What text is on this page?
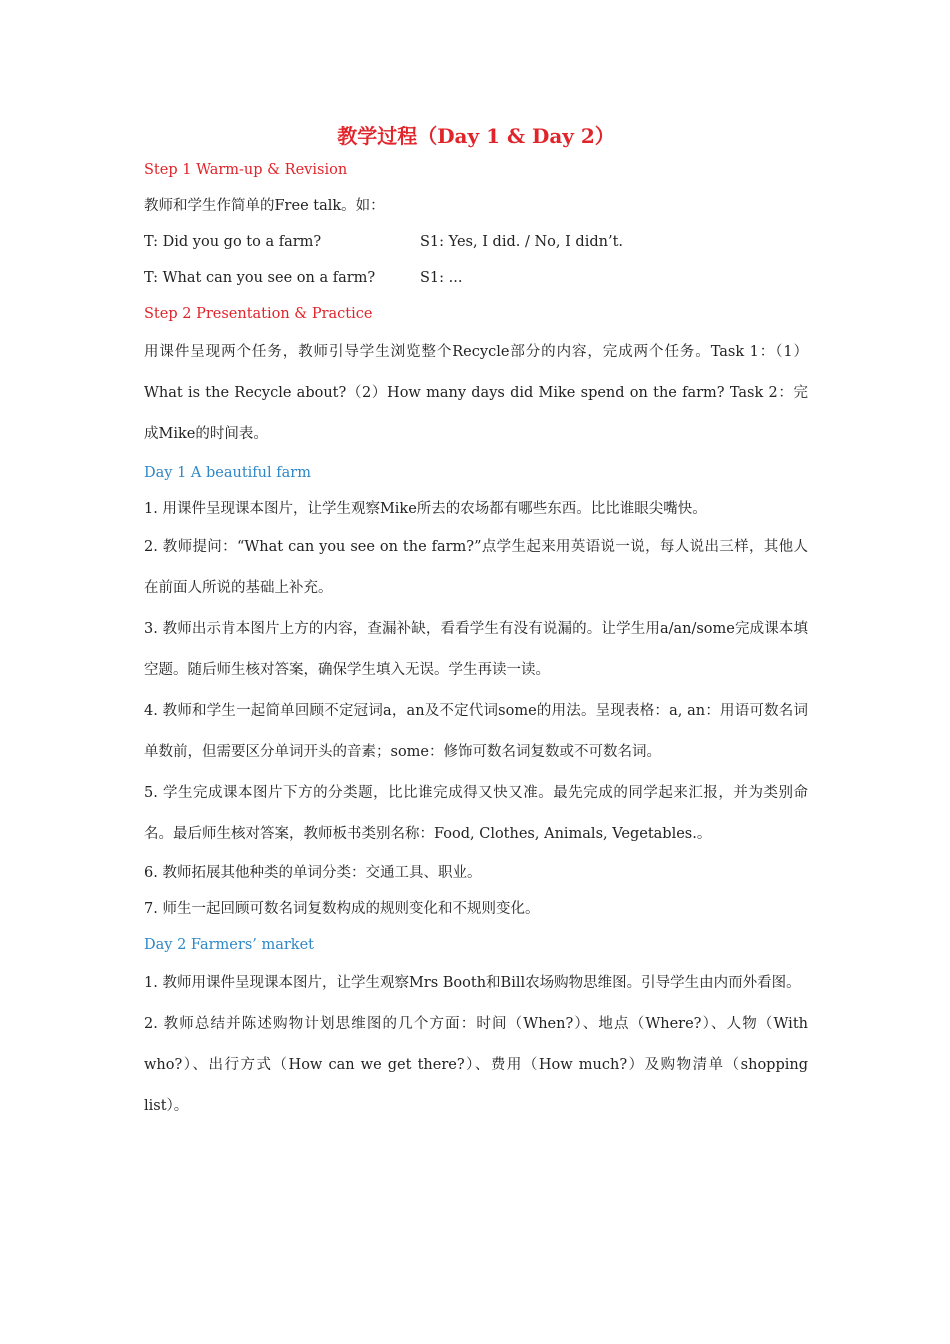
教学过程（Day 1 & Day 2）

Step 1 Warm-up & Revision

教师和学生作简单的Free talk。如：

T: Did you go to a farm?	S1: Yes, I did. / No, I didn’t.
T: What can you see on a farm?	S1: ...

Step 2 Presentation & Practice

用课件呈现两个任务，教师引导学生浏览整个Recycle部分的内容，完成两个任务。Task 1：（1）What is the Recycle about?（2）How many days did Mike spend on the farm? Task 2：完成Mike的时间表。

Day 1 A beautiful farm

1. 用课件呈现课本图片，让学生观察Mike所去的农场都有哪些东西。比比谁眼尖嘴快。

2. 教师提问：“What can you see on the farm?”点学生起来用英语说一说，每人说出三样，其他人在前面人所说的基础上补充。

3. 教师出示肯本图片上方的内容，查漏补缺，看看学生有没有说漏的。让学生用a/an/some完成课本填空题。随后师生核对答案，确保学生填入无误。学生再读一读。

4. 教师和学生一起简单回顾不定冠词a，an及不定代词some的用法。呈现表格：a, an：用语可数名词单数前，但需要区分单词开头的音素；some：修饰可数名词复数或不可数名词。

5. 学生完成课本图片下方的分类题，比比谁完成得又快又准。最先完成的同学起来汇报，并为类别命名。最后师生核对答案，教师板书类别名称：Food, Clothes, Animals, Vegetables.。

6. 教师拓展其他种类的单词分类：交通工具、职业。

7. 师生一起回顾可数名词复数构成的规则变化和不规则变化。

Day 2 Farmers’ market

1. 教师用课件呈现课本图片，让学生观察Mrs Booth和Bill农场购物思维图。引导学生由内而外看图。

2. 教师总结并陈述购物计划思维图的几个方面：时间（When?）、地点（Where?）、人物（With who?）、出行方式（How can we get there?）、费用（How much?）及购物清单（shopping list）。
